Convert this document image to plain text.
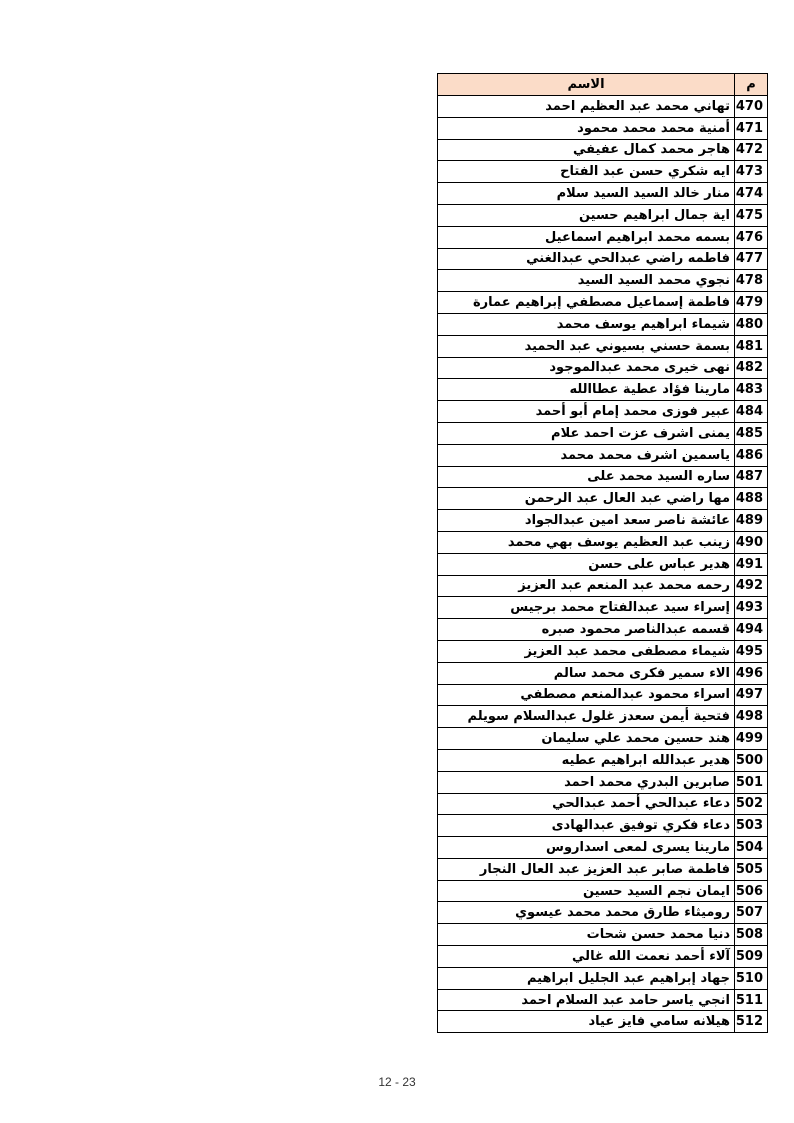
م	الاسم
470	تهاني محمد عبد العظيم احمد
471	أمنية محمد محمد محمود
472	هاجر محمد كمال عفيفي
473	ايه شكري حسن عبد الفتاح
474	منار خالد السيد السيد سلام
475	اية جمال ابراهيم حسين
476	بسمه محمد ابراهيم اسماعيل
477	فاطمه راضي عبدالحي عبدالغني
478	نجوي محمد السيد السيد
479	فاطمة إسماعيل مصطفي إبراهيم عمارة
480	شيماء ابراهيم يوسف محمد
481	بسمة حسني بسيوني عبد الحميد
482	نهى خيرى محمد عبدالموجود
483	مارينا فؤاد عطية عطاالله
484	عبير فوزى محمد إمام أبو أحمد
485	يمنى اشرف عزت احمد علام
486	ياسمين اشرف محمد محمد
487	ساره السيد محمد على
488	مها راضي عبد العال عبد الرحمن
489	عائشة ناصر سعد امين عبدالجواد
490	زينب عبد العظيم يوسف بهي محمد
491	هدير عباس على حسن
492	رحمه محمد عبد المنعم عبد العزيز
493	إسراء سيد عبدالفتاح محمد برجيس
494	قسمه عبدالناصر محمود صبره
495	شيماء مصطفى محمد عبد العزيز
496	الاء سمير فكرى محمد سالم
497	اسراء محمود عبدالمنعم مصطفي
498	فتحية أيمن سعدز غلول عبدالسلام سويلم
499	هند حسين محمد علي سليمان
500	هدير عبدالله ابراهيم عطيه
501	صابرين البدري محمد احمد
502	دعاء عبدالحي أحمد عبدالحي
503	دعاء فكري توفيق عبدالهادى
504	مارينا يسرى لمعى اسداروس
505	فاطمة صابر عبد العزيز عبد العال النجار
506	ايمان نجم السيد حسين
507	روميثاء طارق محمد محمد عيسوي
508	دنيا محمد حسن شحات
509	آلاء أحمد نعمت الله غالي
510	جهاد إبراهيم عبد الجليل ابراهيم
511	انجي ياسر حامد عبد السلام احمد
512	هيلانه سامي فايز عياد
12 - 23
